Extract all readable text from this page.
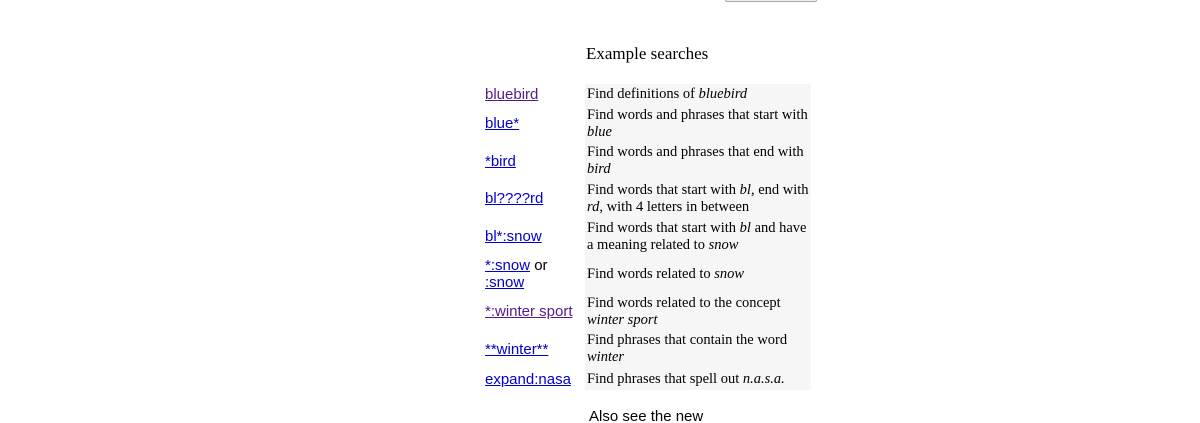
Example searches
bluebird	Find definitions of bluebird
blue*	Find words and phrases that start with blue
*bird	Find words and phrases that end with bird
bl????rd	Find words that start with bl, end with rd, with 4 letters in between
bl*:snow	Find words that start with bl and have a meaning related to snow
*:snow or
:snow	Find words related to snow
*:winter sport	Find words related to the concept winter sport
**winter**	Find phrases that contain the word winter
expand:nasa	Find phrases that spell out n.a.s.a.
Also see the new
